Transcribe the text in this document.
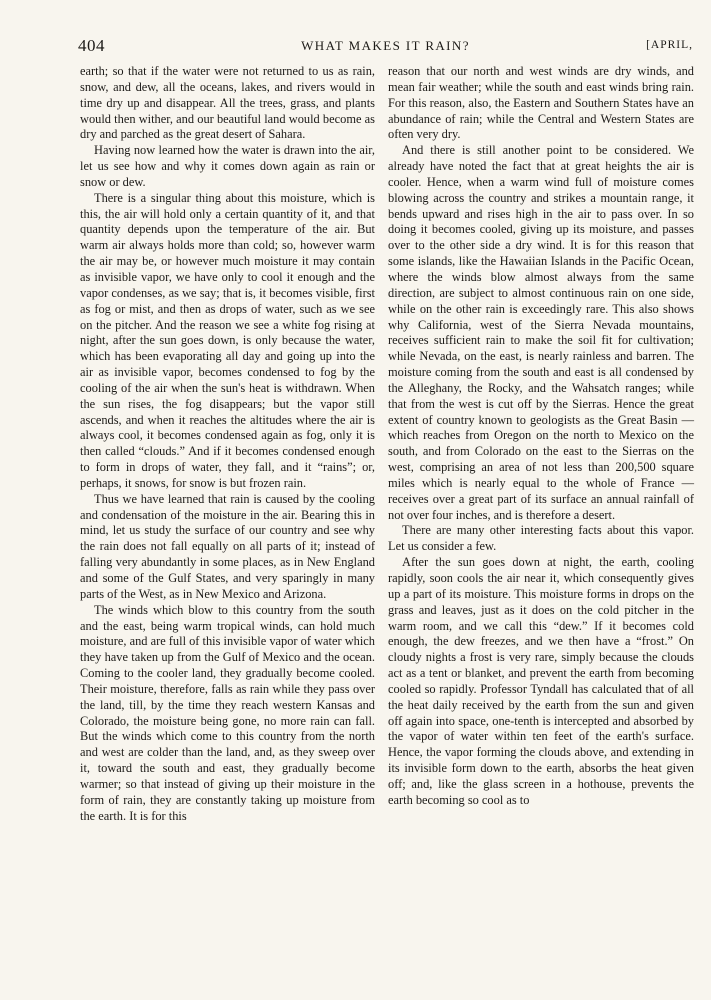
404	WHAT MAKES IT RAIN?	[APRIL,

earth; so that if the water were not returned to us as rain, snow, and dew, all the oceans, lakes, and rivers would in time dry up and disappear. All the trees, grass, and plants would then wither, and our beautiful land would become as dry and parched as the great desert of Sahara.

Having now learned how the water is drawn into the air, let us see how and why it comes down again as rain or snow or dew.

There is a singular thing about this moisture, which is this, the air will hold only a certain quantity of it, and that quantity depends upon the temperature of the air. But warm air always holds more than cold; so, however warm the air may be, or however much moisture it may contain as invisible vapor, we have only to cool it enough and the vapor condenses, as we say; that is, it becomes visible, first as fog or mist, and then as drops of water, such as we see on the pitcher. And the reason we see a white fog rising at night, after the sun goes down, is only because the water, which has been evaporating all day and going up into the air as invisible vapor, becomes condensed to fog by the cooling of the air when the sun's heat is withdrawn. When the sun rises, the fog disappears; but the vapor still ascends, and when it reaches the altitudes where the air is always cool, it becomes condensed again as fog, only it is then called “clouds.” And if it becomes condensed enough to form in drops of water, they fall, and it “rains”; or, perhaps, it snows, for snow is but frozen rain.

Thus we have learned that rain is caused by the cooling and condensation of the moisture in the air. Bearing this in mind, let us study the surface of our country and see why the rain does not fall equally on all parts of it; instead of falling very abundantly in some places, as in New England and some of the Gulf States, and very sparingly in many parts of the West, as in New Mexico and Arizona.

The winds which blow to this country from the south and the east, being warm tropical winds, can hold much moisture, and are full of this invisible vapor of water which they have taken up from the Gulf of Mexico and the ocean. Coming to the cooler land, they gradually become cooled. Their moisture, therefore, falls as rain while they pass over the land, till, by the time they reach western Kansas and Colorado, the moisture being gone, no more rain can fall. But the winds which come to this country from the north and west are colder than the land, and, as they sweep over it, toward the south and east, they gradually become warmer; so that instead of giving up their moisture in the form of rain, they are constantly taking up moisture from the earth. It is for this

reason that our north and west winds are dry winds, and mean fair weather; while the south and east winds bring rain. For this reason, also, the Eastern and Southern States have an abundance of rain; while the Central and Western States are often very dry.

And there is still another point to be considered. We already have noted the fact that at great heights the air is cooler. Hence, when a warm wind full of moisture comes blowing across the country and strikes a mountain range, it bends upward and rises high in the air to pass over. In so doing it becomes cooled, giving up its moisture, and passes over to the other side a dry wind. It is for this reason that some islands, like the Hawaiian Islands in the Pacific Ocean, where the winds blow almost always from the same direction, are subject to almost continuous rain on one side, while on the other rain is exceedingly rare. This also shows why California, west of the Sierra Nevada mountains, receives sufficient rain to make the soil fit for cultivation; while Nevada, on the east, is nearly rainless and barren. The moisture coming from the south and east is all condensed by the Alleghany, the Rocky, and the Wahsatch ranges; while that from the west is cut off by the Sierras. Hence the great extent of country known to geologists as the Great Basin — which reaches from Oregon on the north to Mexico on the south, and from Colorado on the east to the Sierras on the west, comprising an area of not less than 200,500 square miles which is nearly equal to the whole of France — receives over a great part of its surface an annual rainfall of not over four inches, and is therefore a desert.

There are many other interesting facts about this vapor. Let us consider a few.

After the sun goes down at night, the earth, cooling rapidly, soon cools the air near it, which consequently gives up a part of its moisture. This moisture forms in drops on the grass and leaves, just as it does on the cold pitcher in the warm room, and we call this “dew.” If it becomes cold enough, the dew freezes, and we then have a “frost.” On cloudy nights a frost is very rare, simply because the clouds act as a tent or blanket, and prevent the earth from becoming cooled so rapidly. Professor Tyndall has calculated that of all the heat daily received by the earth from the sun and given off again into space, one-tenth is intercepted and absorbed by the vapor of water within ten feet of the earth's surface. Hence, the vapor forming the clouds above, and extending in its invisible form down to the earth, absorbs the heat given off; and, like the glass screen in a hothouse, prevents the earth becoming so cool as to
